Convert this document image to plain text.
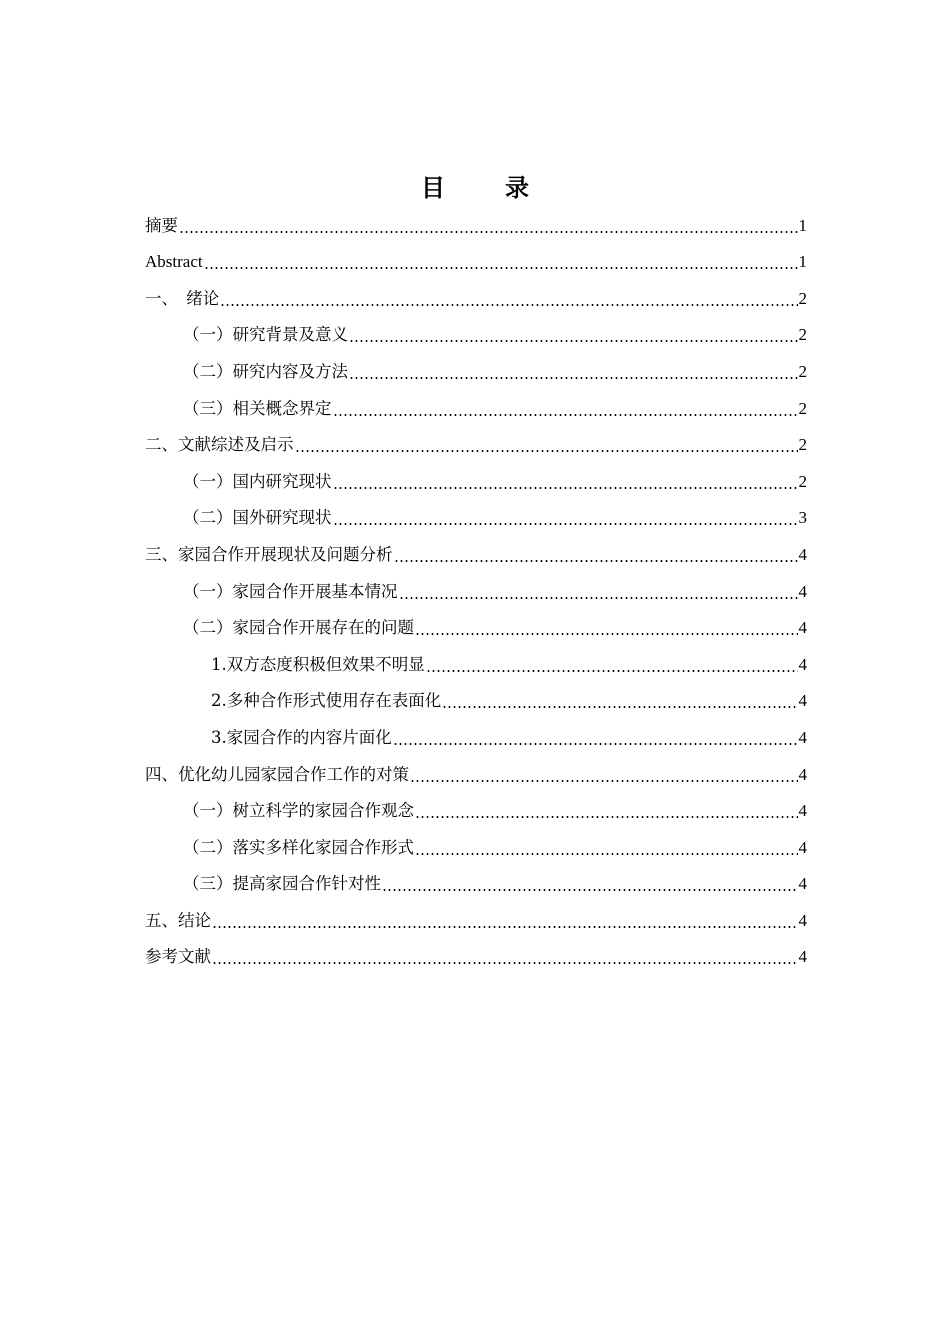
目　录
摘要	1
Abstract	1
一、　绪论	2
（一）研究背景及意义	2
（二）研究内容及方法	2
（三）相关概念界定	2
二、文献综述及启示	2
（一）国内研究现状	2
（二）国外研究现状	3
三、家园合作开展现状及问题分析	4
（一）家园合作开展基本情况	4
（二）家园合作开展存在的问题	4
1.双方态度积极但效果不明显	4
2.多种合作形式使用存在表面化	4
3.家园合作的内容片面化	4
四、优化幼儿园家园合作工作的对策	4
（一）树立科学的家园合作观念	4
（二）落实多样化家园合作形式	4
（三）提高家园合作针对性	4
五、结论	4
参考文献	4
